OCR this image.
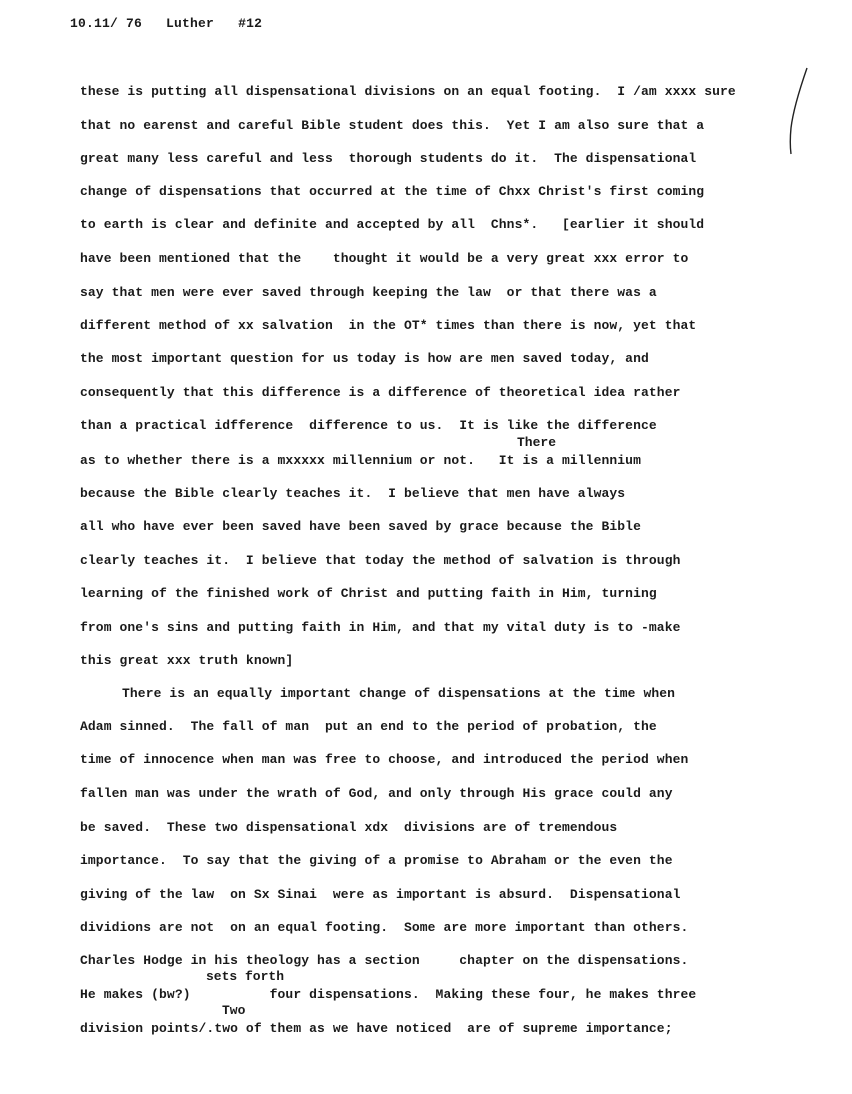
10.11/ 76 Luther #12
these is putting all dispensational divisions on an equal footing.  I /am xxxx sure
that no earenst and careful Bible student does this.  Yet I am also sure that a
great many less careful and less  thorough students do it.  The dispensational
change of dispensations that occurred at the time of Chxx Christ's first coming
to earth is clear and definite and accepted by all  Chns*.   [earlier it should
have been mentioned that the    thought it would be a very great xxx error to
say that men were ever saved through keeping the law  or that there was a
different method of xx salvation  in the OT* times than there is now, yet that
the most important question for us today is how are men saved today, and
consequently that this difference is a difference of theoretical idea rather
than a practical idfference  difference to us.  It is like the difference
There
as to whether there is a mxxxxx millennium or not.   It is a millennium
because the Bible clearly teaches it.  I believe that men have always
all who have ever been saved have been saved by grace because the Bible
clearly teaches it.  I believe that today the method of salvation is through
learning of the finished work of Christ and putting faith in Him, turning
from one's sins and putting faith in Him, and that my vital duty is to -make
this great xxx truth known]
There is an equally important change of dispensations at the time when
Adam sinned.  The fall of man  put an end to the period of probation, the
time of innocence when man was free to choose, and introduced the period when
fallen man was under the wrath of God, and only through His grace could any
be saved.  These two dispensational xdx  divisions are of tremendous
importance.  To say that the giving of a promise to Abraham or the even the
giving of the law  on Sx Sinai  were as important is absurd.  Dispensational
dividions are not  on an equal footing.  Some are more important than others.
Charles Hodge in his theology has a section     chapter on the dispensations.
sets forth
He makes (bw?)          four dispensations.  Making these four, he makes three
Two
division points/.two of them as we have noticed  are of supreme importance;
